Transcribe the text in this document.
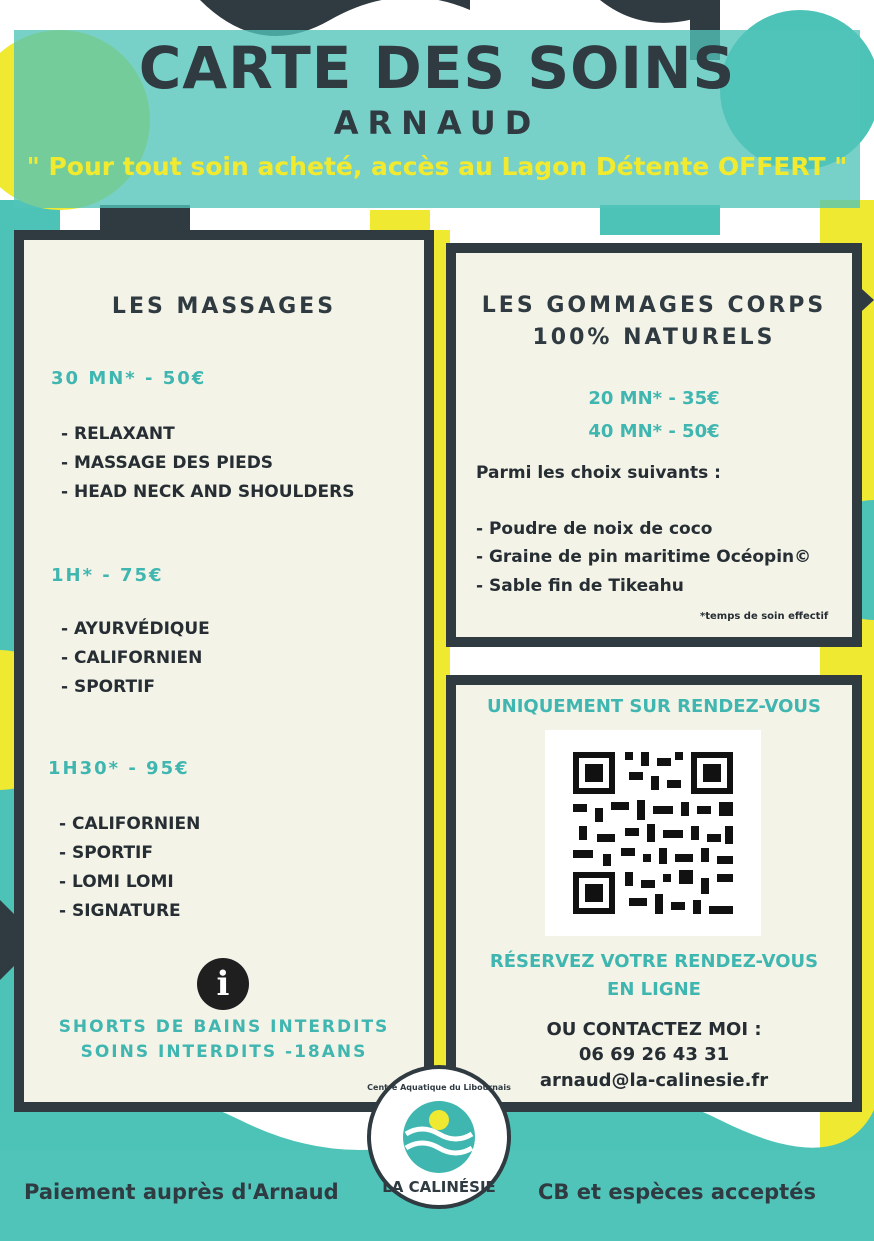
CARTE DES SOINS
ARNAUD
" Pour tout soin acheté, accès au Lagon Détente OFFERT "
LES MASSAGES
30 MN* - 50€
- RELAXANT
- MASSAGE DES PIEDS
- HEAD NECK AND SHOULDERS
1H* - 75€
- AYURVÉDIQUE
- CALIFORNIEN
- SPORTIF
1H30* - 95€
- CALIFORNIEN
- SPORTIF
- LOMI LOMI
- SIGNATURE
i
SHORTS DE BAINS INTERDITS
SOINS INTERDITS -18ANS
LES GOMMAGES CORPS
100% NATURELS
20 MN* - 35€
40 MN* - 50€
Parmi les choix suivants :
- Poudre de noix de coco
- Graine de pin maritime Océopin©
- Sable fin de Tikeahu
*temps de soin effectif
UNIQUEMENT SUR RENDEZ-VOUS
RÉSERVEZ VOTRE RENDEZ-VOUS
EN LIGNE
OU CONTACTEZ MOI :
06 69 26 43 31
arnaud@la-calinesie.fr
Paiement auprès d'Arnaud	CB et espèces acceptés
Centre Aquatique du Libournais
LA CALINÉSIE
